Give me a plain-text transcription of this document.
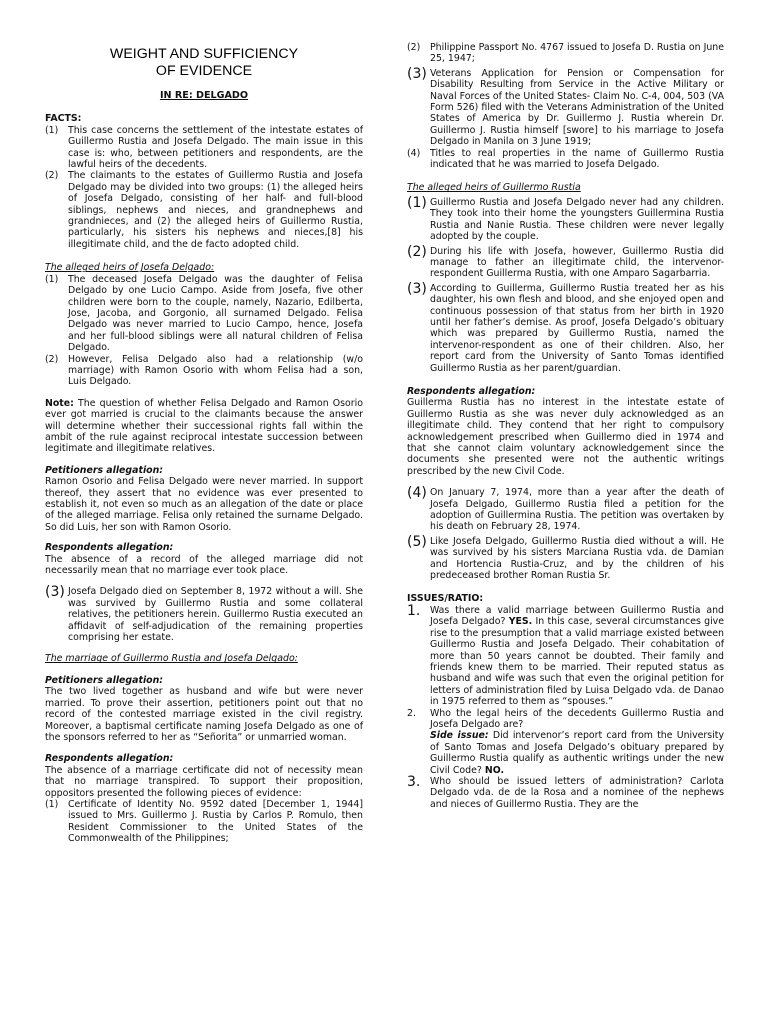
WEIGHT AND SUFFICIENCY
OF EVIDENCE
IN RE: DELGADO
FACTS:
(1) This case concerns the settlement of the intestate estates of Guillermo Rustia and Josefa Delgado. The main issue in this case is: who, between petitioners and respondents, are the lawful heirs of the decedents.
(2) The claimants to the estates of Guillermo Rustia and Josefa Delgado may be divided into two groups: (1) the alleged heirs of Josefa Delgado, consisting of her half- and full-blood siblings, nephews and nieces, and grandnephews and grandnieces, and (2) the alleged heirs of Guillermo Rustia, particularly, his sisters his nephews and nieces,[8] his illegitimate child, and the de facto adopted child.
The alleged heirs of Josefa Delgado:
(1) The deceased Josefa Delgado was the daughter of Felisa Delgado by one Lucio Campo. Aside from Josefa, five other children were born to the couple, namely, Nazario, Edilberta, Jose, Jacoba, and Gorgonio, all surnamed Delgado. Felisa Delgado was never married to Lucio Campo, hence, Josefa and her full-blood siblings were all natural children of Felisa Delgado.
(2) However, Felisa Delgado also had a relationship (w/o marriage) with Ramon Osorio with whom Felisa had a son, Luis Delgado.

Note: The question of whether Felisa Delgado and Ramon Osorio ever got married is crucial to the claimants because the answer will determine whether their successional rights fall within the ambit of the rule against reciprocal intestate succession between legitimate and illegitimate relatives.

Petitioners allegation:

Ramon Osorio and Felisa Delgado were never married. In support thereof, they assert that no evidence was ever presented to establish it, not even so much as an allegation of the date or place of the alleged marriage. Felisa only retained the surname Delgado. So did Luis, her son with Ramon Osorio.

Respondents allegation:

The absence of a record of the alleged marriage did not necessarily mean that no marriage ever took place.

(3) Josefa Delgado died on September 8, 1972 without a will. She was survived by Guillermo Rustia and some collateral relatives, the petitioners herein. Guillermo Rustia executed an affidavit of self-adjudication of the remaining properties comprising her estate.
The marriage of Guillermo Rustia and Josefa Delgado:
Petitioners allegation:

The two lived together as husband and wife but were never married. To prove their assertion, petitioners point out that no record of the contested marriage existed in the civil registry. Moreover, a baptismal certificate naming Josefa Delgado as one of the sponsors referred to her as “Señorita” or unmarried woman.

Respondents allegation:

The absence of a marriage certificate did not of necessity mean that no marriage transpired. To support their proposition, oppositors presented the following pieces of evidence:

(1) Certificate of Identity No. 9592 dated [December 1, 1944] issued to Mrs. Guillermo J. Rustia by Carlos P. Romulo, then Resident Commissioner to the United States of the Commonwealth of the Philippines;
(2) Philippine Passport No. 4767 issued to Josefa D. Rustia on June 25, 1947;
(3) Veterans Application for Pension or Compensation for Disability Resulting from Service in the Active Military or Naval Forces of the United States- Claim No. C-4, 004, 503 (VA Form 526) filed with the Veterans Administration of the United States of America by Dr. Guillermo J. Rustia wherein Dr. Guillermo J. Rustia himself [swore] to his marriage to Josefa Delgado in Manila on 3 June 1919;
(4) Titles to real properties in the name of Guillermo Rustia indicated that he was married to Josefa Delgado.
The alleged heirs of Guillermo Rustia
(1) Guillermo Rustia and Josefa Delgado never had any children. They took into their home the youngsters Guillermina Rustia Rustia and Nanie Rustia. These children were never legally adopted by the couple.
(2) During his life with Josefa, however, Guillermo Rustia did manage to father an illegitimate child, the intervenor-respondent Guillerma Rustia, with one Amparo Sagarbarria.
(3) According to Guillerma, Guillermo Rustia treated her as his daughter, his own flesh and blood, and she enjoyed open and continuous possession of that status from her birth in 1920 until her father’s demise. As proof, Josefa Delgado’s obituary which was prepared by Guillermo Rustia, named the intervenor-respondent as one of their children. Also, her report card from the University of Santo Tomas identified Guillermo Rustia as her parent/guardian.
Respondents allegation:

Guillerma Rustia has no interest in the intestate estate of Guillermo Rustia as she was never duly acknowledged as an illegitimate child. They contend that her right to compulsory acknowledgement prescribed when Guillermo died in 1974 and that she cannot claim voluntary acknowledgement since the documents she presented were not the authentic writings prescribed by the new Civil Code.

(4) On January 7, 1974, more than a year after the death of Josefa Delgado, Guillermo Rustia filed a petition for the adoption of Guillermina Rustia. The petition was overtaken by his death on February 28, 1974.
(5) Like Josefa Delgado, Guillermo Rustia died without a will. He was survived by his sisters Marciana Rustia vda. de Damian and Hortencia Rustia-Cruz, and by the children of his predeceased brother Roman Rustia Sr.
ISSUES/RATIO:
1. Was there a valid marriage between Guillermo Rustia and Josefa Delgado? YES. In this case, several circumstances give rise to the presumption that a valid marriage existed between Guillermo Rustia and Josefa Delgado. Their cohabitation of more than 50 years cannot be doubted. Their family and friends knew them to be married. Their reputed status as husband and wife was such that even the original petition for letters of administration filed by Luisa Delgado vda. de Danao in 1975 referred to them as “spouses.”
2. Who the legal heirs of the decedents Guillermo Rustia and Josefa Delgado are?
Side issue: Did intervenor’s report card from the University of Santo Tomas and Josefa Delgado’s obituary prepared by Guillermo Rustia qualify as authentic writings under the new Civil Code? NO.
3. Who should be issued letters of administration? Carlota Delgado vda. de de la Rosa and a nominee of the nephews and nieces of Guillermo Rustia. They are the
